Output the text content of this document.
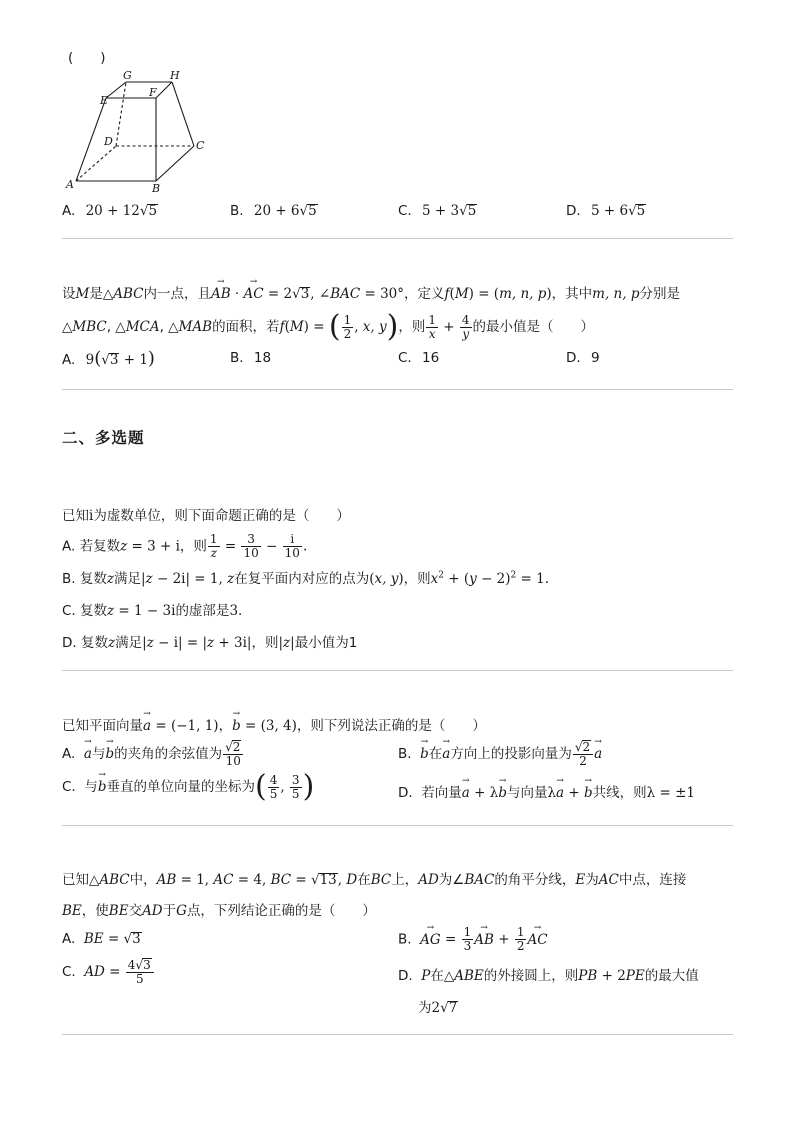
(　　)
G	H
E
F
D	C
A	B
A. 20 + 12√5	B. 20 + 6√5	C. 5 + 3√5	D. 5 + 6√5
设M是△ABC内一点，且→ AB · → AC = 2√3, ∠BAC = 30°，定义f(M) = (m, n, p)，其中m, n, p分别是
△MBC, △MCA, △MAB的面积，若f(M) = ( $\frac{1}{2}$ , x, y)，则 $\frac{1}{x} + \frac{4}{y}$ 的最小值是（　　）
A. 9(√3 + 1)	B. 18	C. 16	D. 9
二、多选题
已知i为虚数单位，则下面命题正确的是（　　）
A. 若复数z = 3 + i，则 $\frac{1}{z} = \frac{3}{10} - \frac{i}{10}$ .
B. 复数z满足|z − 2i| = 1, z在复平面内对应的点为(x, y)，则$x^2 + (y - 2)^2 = 1$.
C. 复数z = 1 − 3i的虚部是3.
D. 复数z满足|z − i| = |z + 3i|，则|z|最小值为1
已知平面向量→ a = (−1, 1)，→ b = (3, 4)，则下列说法正确的是（　　）
A.  → a与→ b的夹角的余弦值为 $\frac{√2}{10}$	B.  → b在→ a方向上的投影向量为 $\frac{√2}{2}$
→ a
C.  与→ b垂直的单位向量的坐标为( $\frac{4}{5}$ , $\frac{3}{5}$ )	D.  若向量→ a + λ→ b与向量λ→ a + → b共线，则λ = ±1
已知△ABC中，AB = 1, AC = 4, BC = √13, D在BC上，AD为∠BAC的角平分线，E为AC中点，连接
BE，使BE交AD于G点，下列结论正确的是（　　）
A.  BE = √3	B.  → AG = $\frac{1}{3}$
→ AB + $\frac{1}{2}$
→ AC
C.  AD = $\frac{4√3}{5}$	D.  P在△ABE的外接圆上，则PB + 2PE的最大值
为2√7
